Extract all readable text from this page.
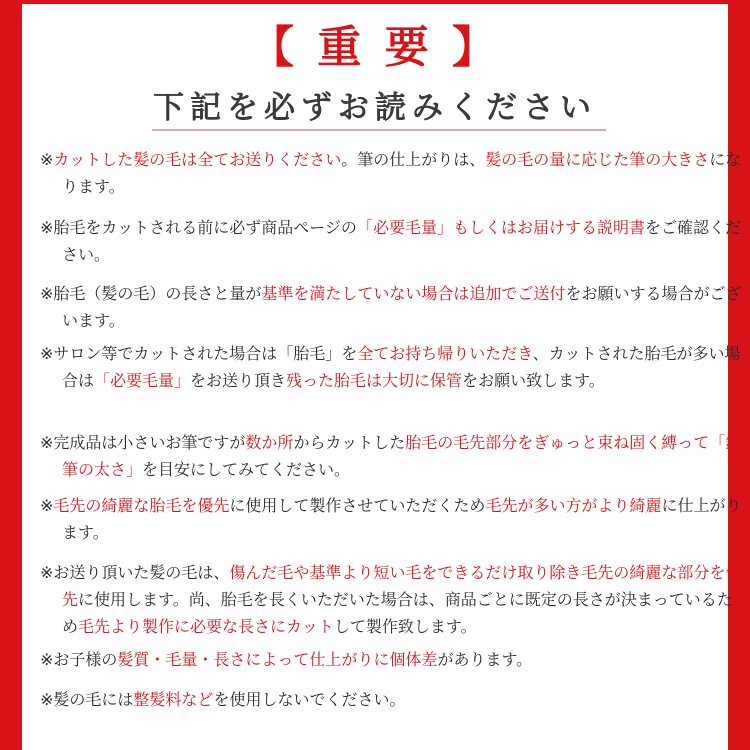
【 重 要 】
下記を必ずお読みください
※カットした髪の毛は全てお送りください。筆の仕上がりは、髪の毛の量に応じた筆の大きさになります。
※胎毛をカットされる前に必ず商品ページの「必要毛量」もしくはお届けする説明書をご確認ください。
※胎毛（髪の毛）の長さと量が基準を満たしていない場合は追加でご送付をお願いする場合がございます。
※サロン等でカットされた場合は「胎毛」を全てお持ち帰りいただき、カットされた胎毛が多い場合は「必要毛量」をお送り頂き残った胎毛は大切に保管をお願い致します。
※完成品は小さいお筆ですが数か所からカットした胎毛の毛先部分をぎゅっと束ね固く縛って「鉛筆の太さ」を目安にしてみてください。
※毛先の綺麗な胎毛を優先に使用して製作させていただくため毛先が多い方がより綺麗に仕上がります。
※お送り頂いた髪の毛は、傷んだ毛や基準より短い毛をできるだけ取り除き毛先の綺麗な部分を優先に使用します。尚、胎毛を長くいただいた場合は、商品ごとに既定の長さが決まっているため毛先より製作に必要な長さにカットして製作致します。
※お子様の髪質・毛量・長さによって仕上がりに個体差があります。
※髪の毛には整髪料などを使用しないでください。
